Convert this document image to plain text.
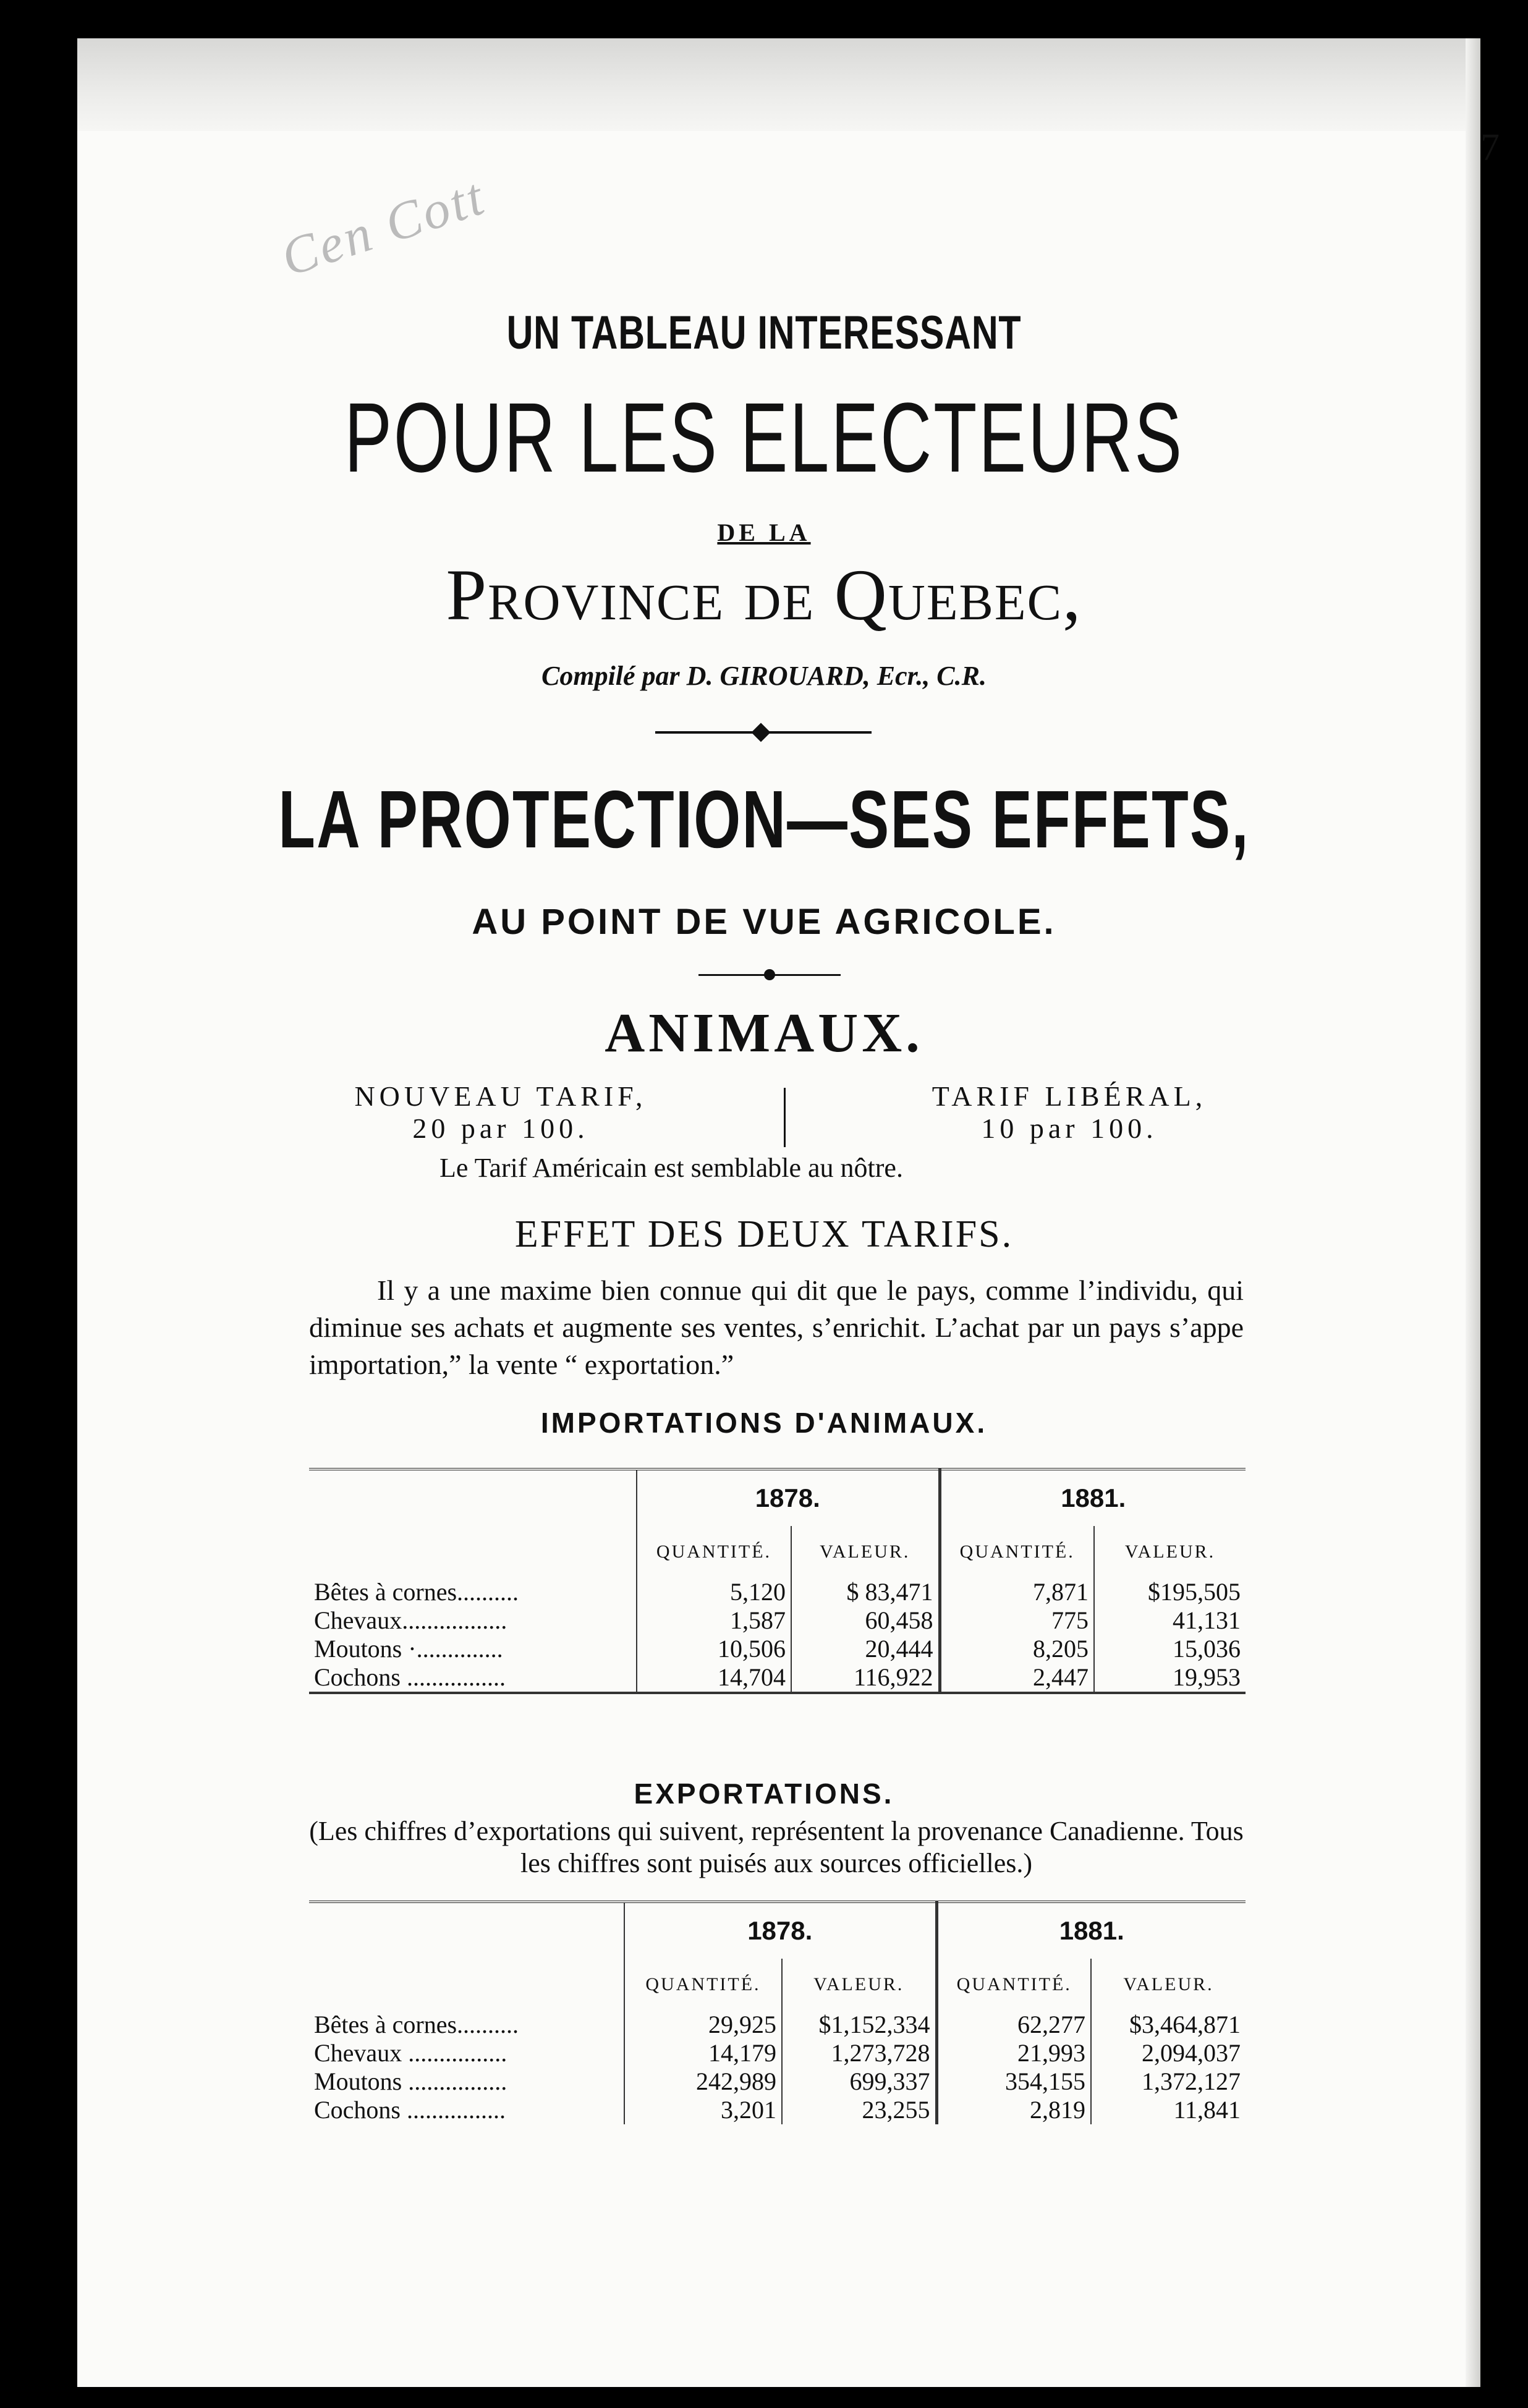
Cen Cott
7
UN TABLEAU INTERESSANT
POUR LES ELECTEURS
DE LA
Province de Quebec,
Compilé par D. GIROUARD, Ecr., C.R.
LA PROTECTION—SES EFFETS,
AU POINT DE VUE AGRICOLE.
ANIMAUX.
NOUVEAU TARIF,
20 par 100.
TARIF LIBÉRAL,
10 par 100.
Le Tarif Américain est semblable au nôtre.
EFFET DES DEUX TARIFS.
Il y a une maxime bien connue qui dit que le pays, comme l’individu, qui diminue ses achats et augmente ses ventes, s’enrichit. L’achat par un pays s’appe importation,” la vente “ exportation.”
IMPORTATIONS D'ANIMAUX.
	1878.		1881.	
	QUANTITÉ.	VALEUR.	QUANTITÉ.	VALEUR.
Bêtes à cornes..........	5,120	$ 83,471	7,871	$195,505
Chevaux.................	1,587	60,458	775	41,131
Moutons ·..............	10,506	20,444	8,205	15,036
Cochons ................	14,704	116,922	2,447	19,953
EXPORTATIONS.
(Les chiffres d’exportations qui suivent, représentent la provenance Canadienne. Tous les chiffres sont puisés aux sources officielles.)
	1878.		1881.	
	QUANTITÉ.	VALEUR.	QUANTITÉ.	VALEUR.
Bêtes à cornes..........	29,925	$1,152,334	62,277	$3,464,871
Chevaux ................	14,179	1,273,728	21,993	2,094,037
Moutons ................	242,989	699,337	354,155	1,372,127
Cochons ................	3,201	23,255	2,819	11,841
